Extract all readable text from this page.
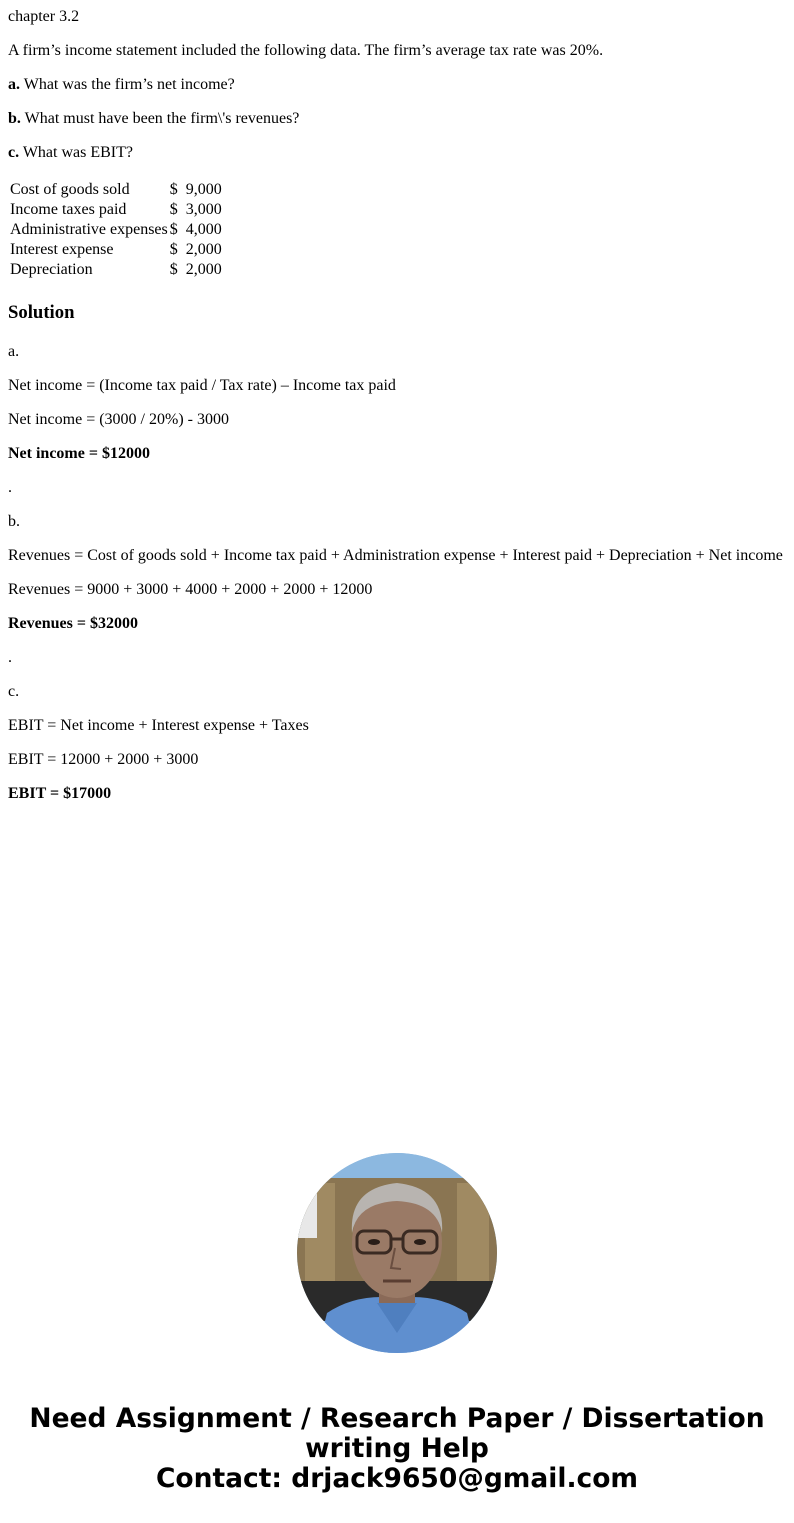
chapter 3.2

A firm’s income statement included the following data. The firm’s average tax rate was 20%.

a. What was the firm’s net income?

b. What must have been the firm\'s revenues?

c. What was EBIT?

Cost of goods sold	$ 9,000
Income taxes paid	$ 3,000
Administrative expenses	$ 4,000
Interest expense	$ 2,000
Depreciation	$ 2,000
Solution

a.

Net income = (Income tax paid / Tax rate) – Income tax paid

Net income = (3000 / 20%) - 3000

Net income = $12000

.

b.

Revenues = Cost of goods sold + Income tax paid + Administration expense + Interest paid + Depreciation + Net income

Revenues = 9000 + 3000 + 4000 + 2000 + 2000 + 12000

Revenues = $32000

.

c.

EBIT = Net income + Interest expense + Taxes

EBIT = 12000 + 2000 + 3000

EBIT = $17000

Need Assignment / Research Paper / Dissertation
writing Help
Contact: drjack9650@gmail.com
